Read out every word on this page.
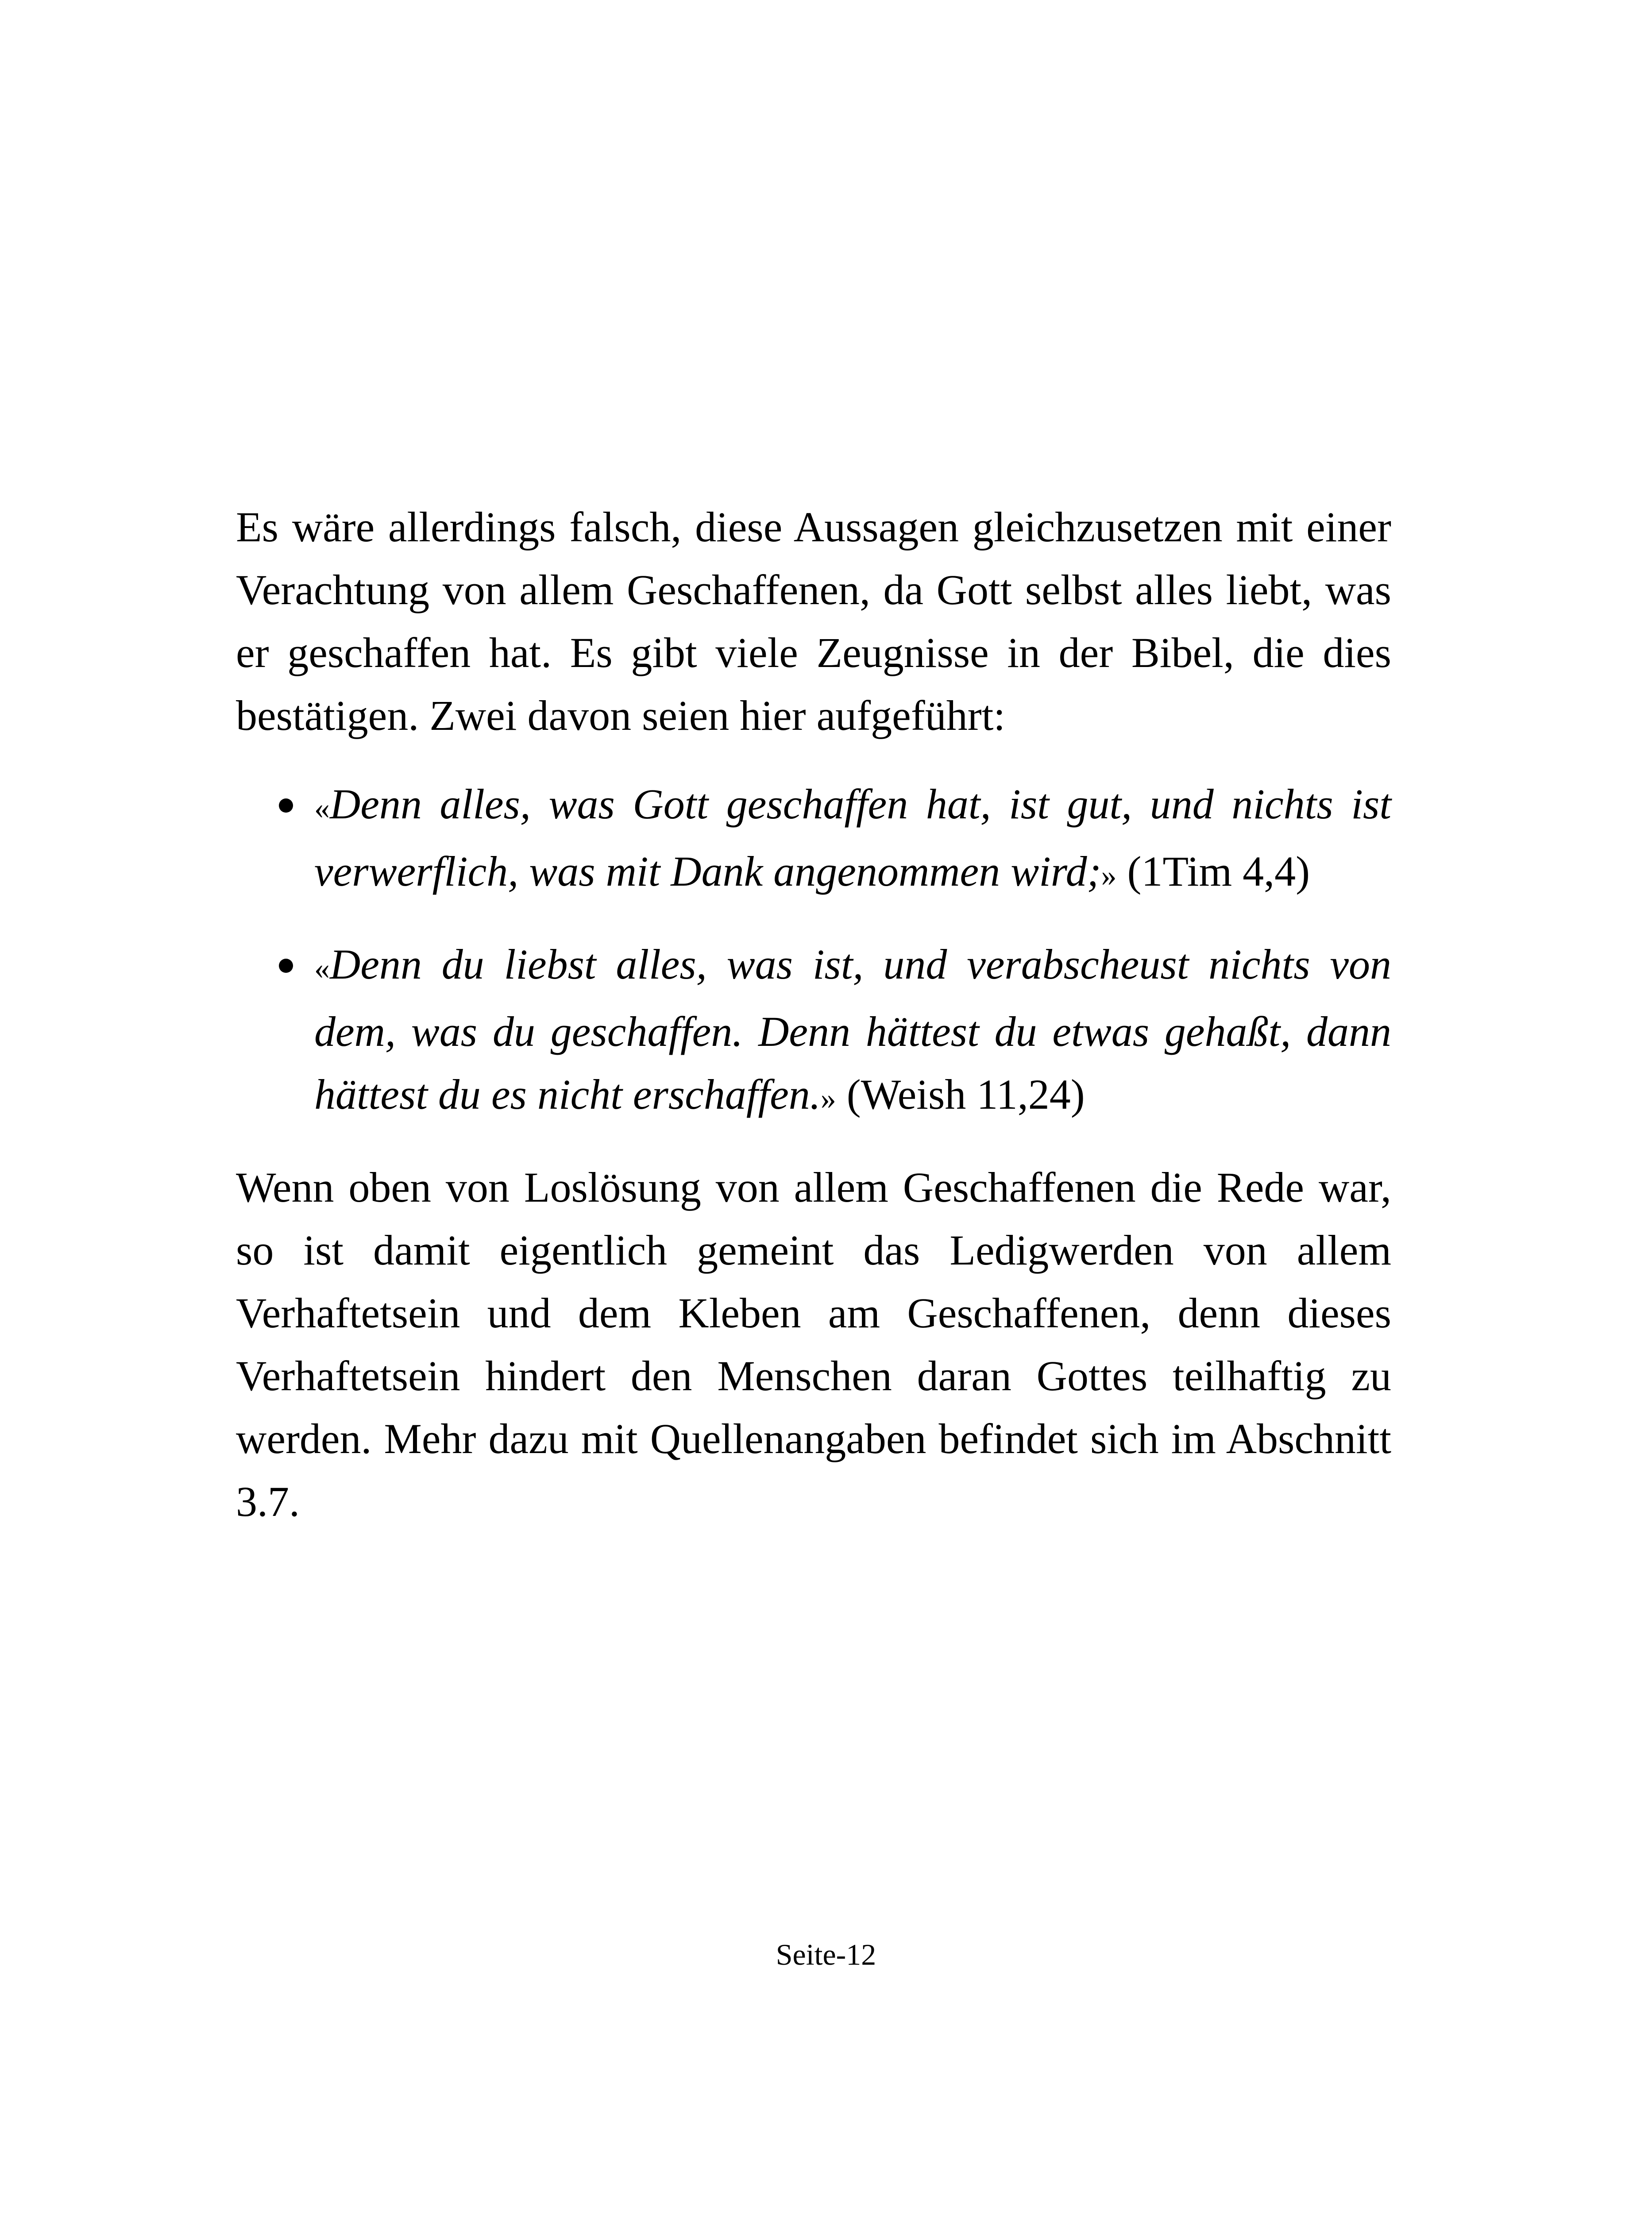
Es wäre allerdings falsch, diese Aussagen gleichzusetzen mit einer Verachtung von allem Geschaffenen, da Gott selbst alles liebt, was er geschaffen hat. Es gibt viele Zeugnisse in der Bibel, die dies bestätigen. Zwei davon seien hier aufgeführt:

«Denn alles, was Gott geschaffen hat, ist gut, und nichts ist verwerflich, was mit Dank angenommen wird;» (1Tim 4,4)
«Denn du liebst alles, was ist, und verabscheust nichts von dem, was du geschaffen. Denn hättest du etwas gehaßt, dann hättest du es nicht erschaffen.» (Weish 11,24)

Wenn oben von Loslösung von allem Geschaffenen die Rede war, so ist damit eigentlich gemeint das Ledigwerden von allem Verhaftetsein und dem Kleben am Geschaffenen, denn dieses Verhaftetsein hindert den Menschen daran Gottes teilhaftig zu werden. Mehr dazu mit Quellenangaben befindet sich im Abschnitt 3.7.

Seite-12
